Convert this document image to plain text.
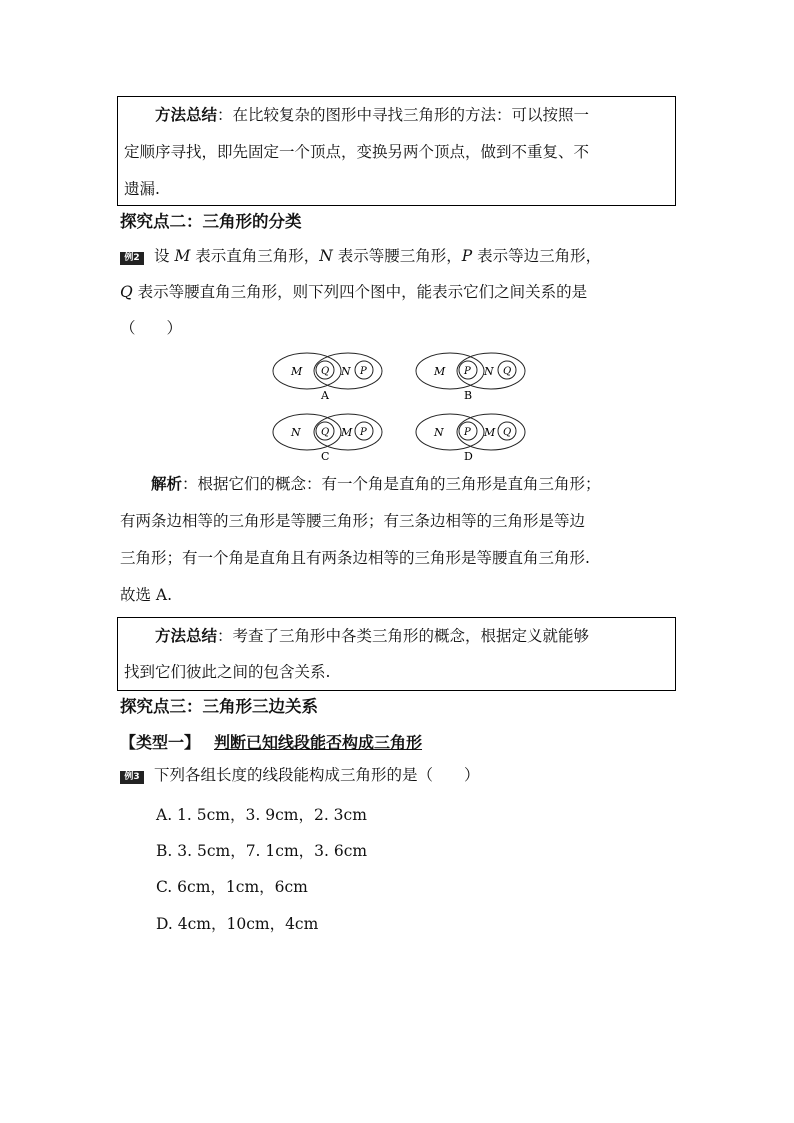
方法总结：在比较复杂的图形中寻找三角形的方法：可以按照一

定顺序寻找，即先固定一个顶点，变换另两个顶点，做到不重复、不

遗漏.

探究点二：三角形的分类

例2 设 M 表示直角三角形，N 表示等腰三角形，P 表示等边三角形，

Q 表示等腰直角三角形，则下列四个图中，能表示它们之间关系的是

（　　）

M Q N P
A
M P N Q
B
N Q M P
C
N P M Q
D

解析：根据它们的概念：有一个角是直角的三角形是直角三角形；

有两条边相等的三角形是等腰三角形；有三条边相等的三角形是等边

三角形；有一个角是直角且有两条边相等的三角形是等腰直角三角形.

故选 A.

方法总结：考查了三角形中各类三角形的概念，根据定义就能够

找到它们彼此之间的包含关系.

探究点三：三角形三边关系
【类型一】 判断已知线段能否构成三角形

例3 下列各组长度的线段能构成三角形的是（　　）

A. 1. 5cm，3. 9cm，2. 3cm
B. 3. 5cm，7. 1cm，3. 6cm
C. 6cm，1cm，6cm
D. 4cm，10cm，4cm
